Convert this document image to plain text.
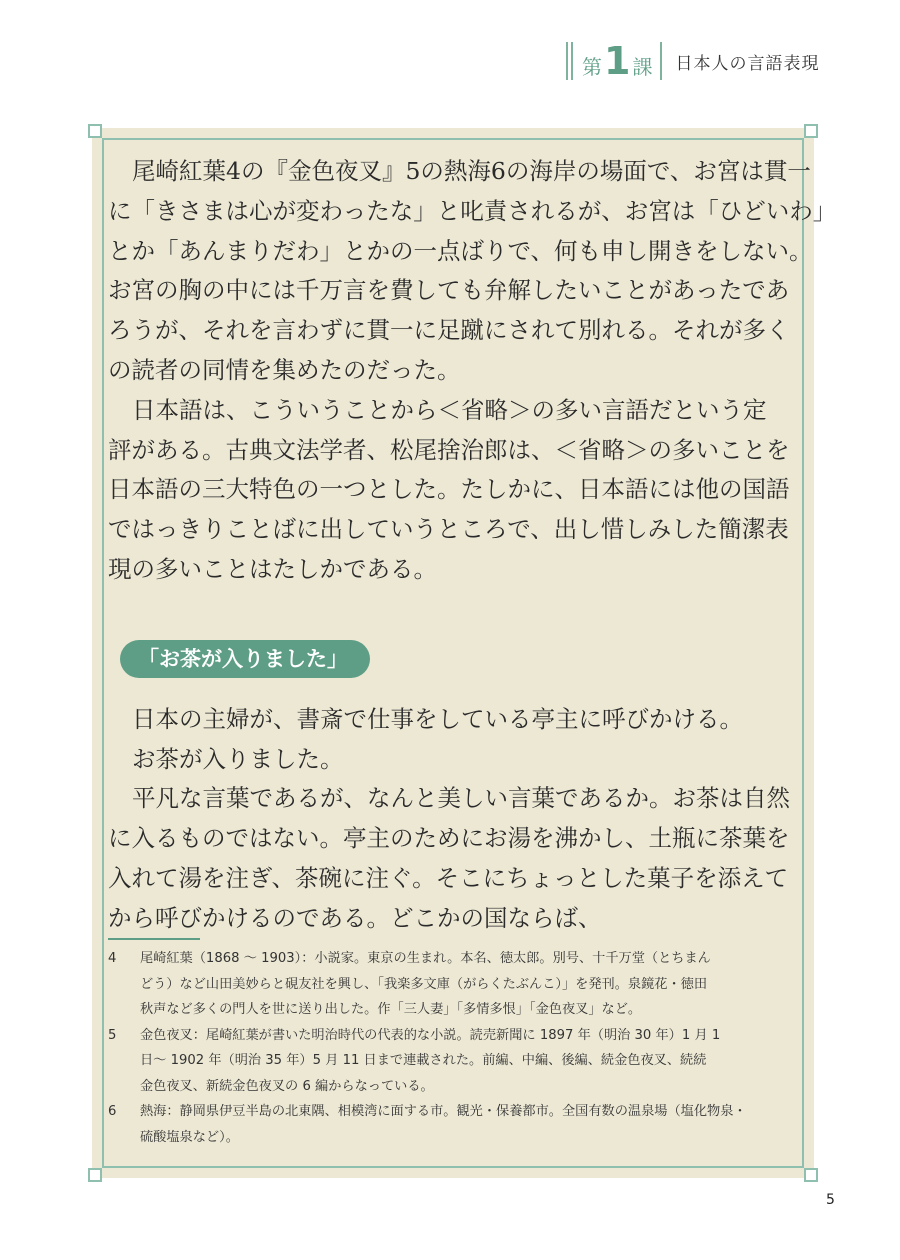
第 1 課 日本人の言語表現
尾崎紅葉4の『金色夜叉』5の熱海6の海岸の場面で、お宮は貫一
に「きさまは心が変わったな」と叱責されるが、お宮は「ひどいわ」
とか「あんまりだわ」とかの一点ばりで、何も申し開きをしない。
お宮の胸の中には千万言を費しても弁解したいことがあったであ
ろうが、それを言わずに貫一に足蹴にされて別れる。それが多く
の読者の同情を集めたのだった。
日本語は、こういうことから＜省略＞の多い言語だという定
評がある。古典文法学者、松尾捨治郎は、＜省略＞の多いことを
日本語の三大特色の一つとした。たしかに、日本語には他の国語
ではっきりことばに出していうところで、出し惜しみした簡潔表
現の多いことはたしかである。
「お茶が入りました」
日本の主婦が、書斎で仕事をしている亭主に呼びかける。
お茶が入りました。
平凡な言葉であるが、なんと美しい言葉であるか。お茶は自然
に入るものではない。亭主のためにお湯を沸かし、土瓶に茶葉を
入れて湯を注ぎ、茶碗に注ぐ。そこにちょっとした菓子を添えて
から呼びかけるのである。どこかの国ならば、
4	尾崎紅葉（1868 ～ 1903）：小説家。東京の生まれ。本名、徳太郎。別号、十千万堂（とちまん
どう）など山田美妙らと硯友社を興し、「我楽多文庫（がらくたぶんこ）」を発刊。泉鏡花・徳田
秋声など多くの門人を世に送り出した。作「三人妻」「多情多恨」「金色夜叉」など。
5	金色夜叉：尾崎紅葉が書いた明治時代の代表的な小説。読売新聞に 1897 年（明治 30 年）1 月 1
日～ 1902 年（明治 35 年）5 月 11 日まで連載された。前編、中編、後編、続金色夜叉、続続
金色夜叉、新続金色夜叉の 6 編からなっている。
6	熱海：静岡県伊豆半島の北東隅、相模湾に面する市。観光・保養都市。全国有数の温泉場（塩化物泉・
硫酸塩泉など）。
5
